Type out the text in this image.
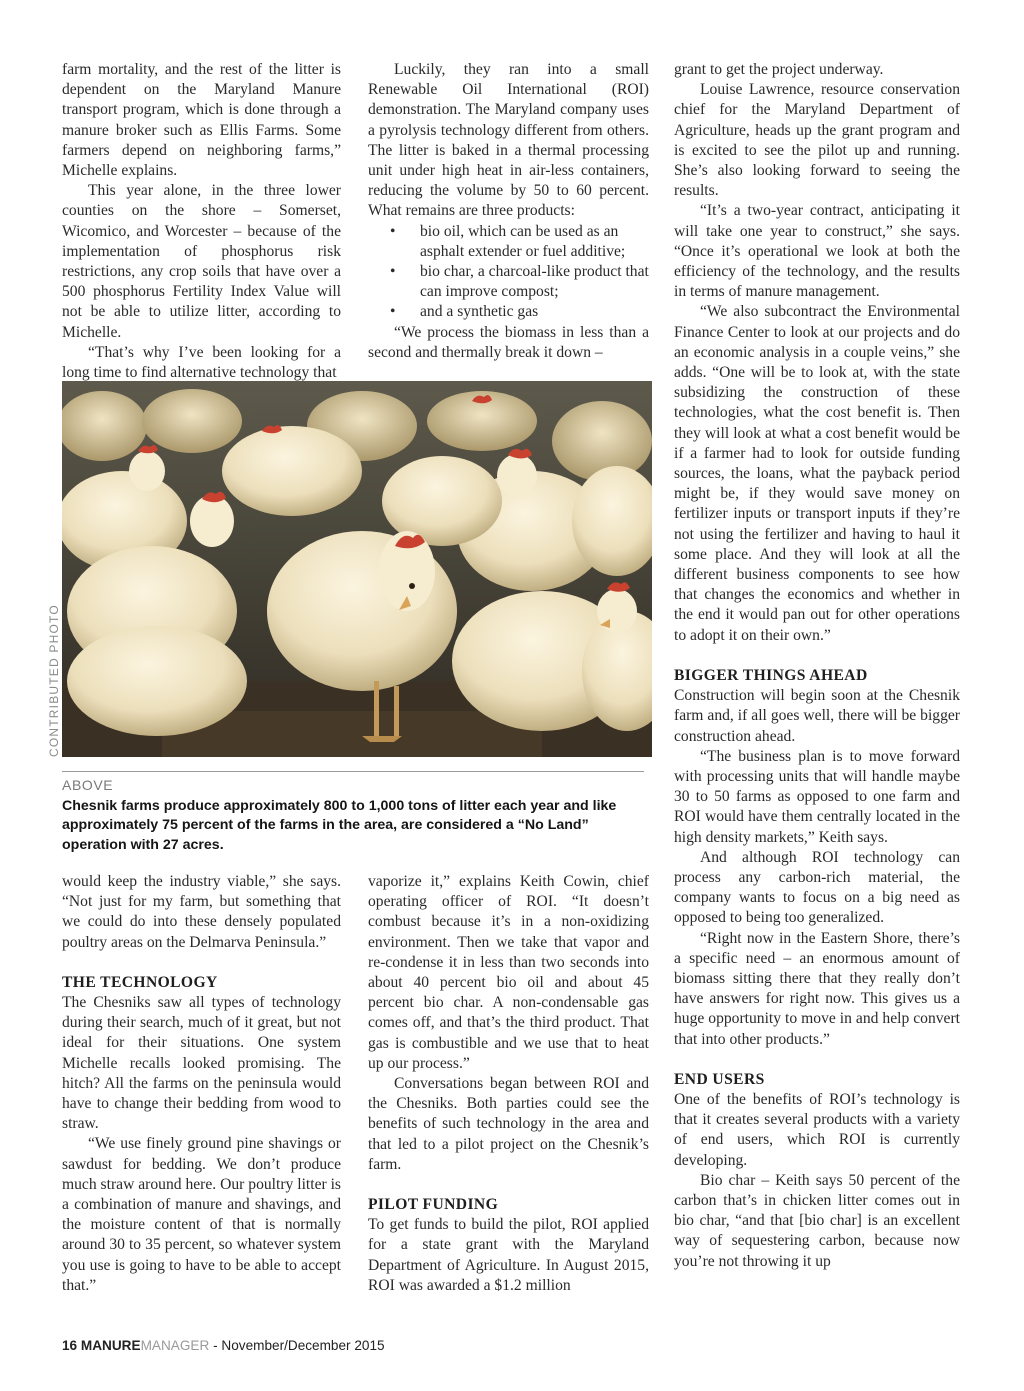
farm mortality, and the rest of the litter is dependent on the Maryland Manure transport program, which is done through a manure broker such as Ellis Farms. Some farmers depend on neighboring farms,” Michelle explains.

This year alone, in the three lower counties on the shore – Somerset, Wicomico, and Worcester – because of the implementation of phosphorus risk restrictions, any crop soils that have over a 500 phosphorus Fertility Index Value will not be able to utilize litter, according to Michelle.

“That’s why I’ve been looking for a long time to find alternative technology that

Luckily, they ran into a small Renewable Oil International (ROI) demonstration. The Maryland company uses a pyrolysis technology different from others. The litter is baked in a thermal processing unit under high heat in air-less containers, reducing the volume by 50 to 60 percent. What remains are three products:

• bio oil, which can be used as an asphalt extender or fuel additive;
• bio char, a charcoal-like product that can improve compost;
• and a synthetic gas

“We process the biomass in less than a second and thermally break it down –

CONTRIBUTED PHOTO
ABOVE
Chesnik farms produce approximately 800 to 1,000 tons of litter each year and like approximately 75 percent of the farms in the area, are considered a “No Land” operation with 27 acres.

would keep the industry viable,” she says. “Not just for my farm, but something that we could do into these densely populated poultry areas on the Delmarva Peninsula.”

THE TECHNOLOGY

The Chesniks saw all types of technology during their search, much of it great, but not ideal for their situations. One system Michelle recalls looked promising. The hitch? All the farms on the peninsula would have to change their bedding from wood to straw.

“We use finely ground pine shavings or sawdust for bedding. We don’t produce much straw around here. Our poultry litter is a combination of manure and shavings, and the moisture content of that is normally around 30 to 35 percent, so whatever system you use is going to have to be able to accept that.”

vaporize it,” explains Keith Cowin, chief operating officer of ROI. “It doesn’t combust because it’s in a non-oxidizing environment. Then we take that vapor and re-condense it in less than two seconds into about 40 percent bio oil and about 45 percent bio char. A non-condensable gas comes off, and that’s the third product. That gas is combustible and we use that to heat up our process.”

Conversations began between ROI and the Chesniks. Both parties could see the benefits of such technology in the area and that led to a pilot project on the Chesnik’s farm.

PILOT FUNDING

To get funds to build the pilot, ROI applied for a state grant with the Maryland Department of Agriculture. In August 2015, ROI was awarded a $1.2 million

grant to get the project underway.

Louise Lawrence, resource conservation chief for the Maryland Department of Agriculture, heads up the grant program and is excited to see the pilot up and running. She’s also looking forward to seeing the results.

“It’s a two-year contract, anticipating it will take one year to construct,” she says. “Once it’s operational we look at both the efficiency of the technology, and the results in terms of manure management.

“We also subcontract the Environmental Finance Center to look at our projects and do an economic analysis in a couple veins,” she adds. “One will be to look at, with the state subsidizing the construction of these technologies, what the cost benefit is. Then they will look at what a cost benefit would be if a farmer had to look for outside funding sources, the loans, what the payback period might be, if they would save money on fertilizer inputs or transport inputs if they’re not using the fertilizer and having to haul it some place. And they will look at all the different business components to see how that changes the economics and whether in the end it would pan out for other operations to adopt it on their own.”

BIGGER THINGS AHEAD

Construction will begin soon at the Chesnik farm and, if all goes well, there will be bigger construction ahead.

“The business plan is to move forward with processing units that will handle maybe 30 to 50 farms as opposed to one farm and ROI would have them centrally located in the high density markets,” Keith says.

And although ROI technology can process any carbon-rich material, the company wants to focus on a big need as opposed to being too generalized.

“Right now in the Eastern Shore, there’s a specific need – an enormous amount of biomass sitting there that they really don’t have answers for right now. This gives us a huge opportunity to move in and help convert that into other products.”

END USERS

One of the benefits of ROI’s technology is that it creates several products with a variety of end users, which ROI is currently developing.

Bio char – Keith says 50 percent of the carbon that’s in chicken litter comes out in bio char, “and that [bio char] is an excellent way of sequestering carbon, because now you’re not throwing it up

16 MANUREMANAGER - November/December 2015
